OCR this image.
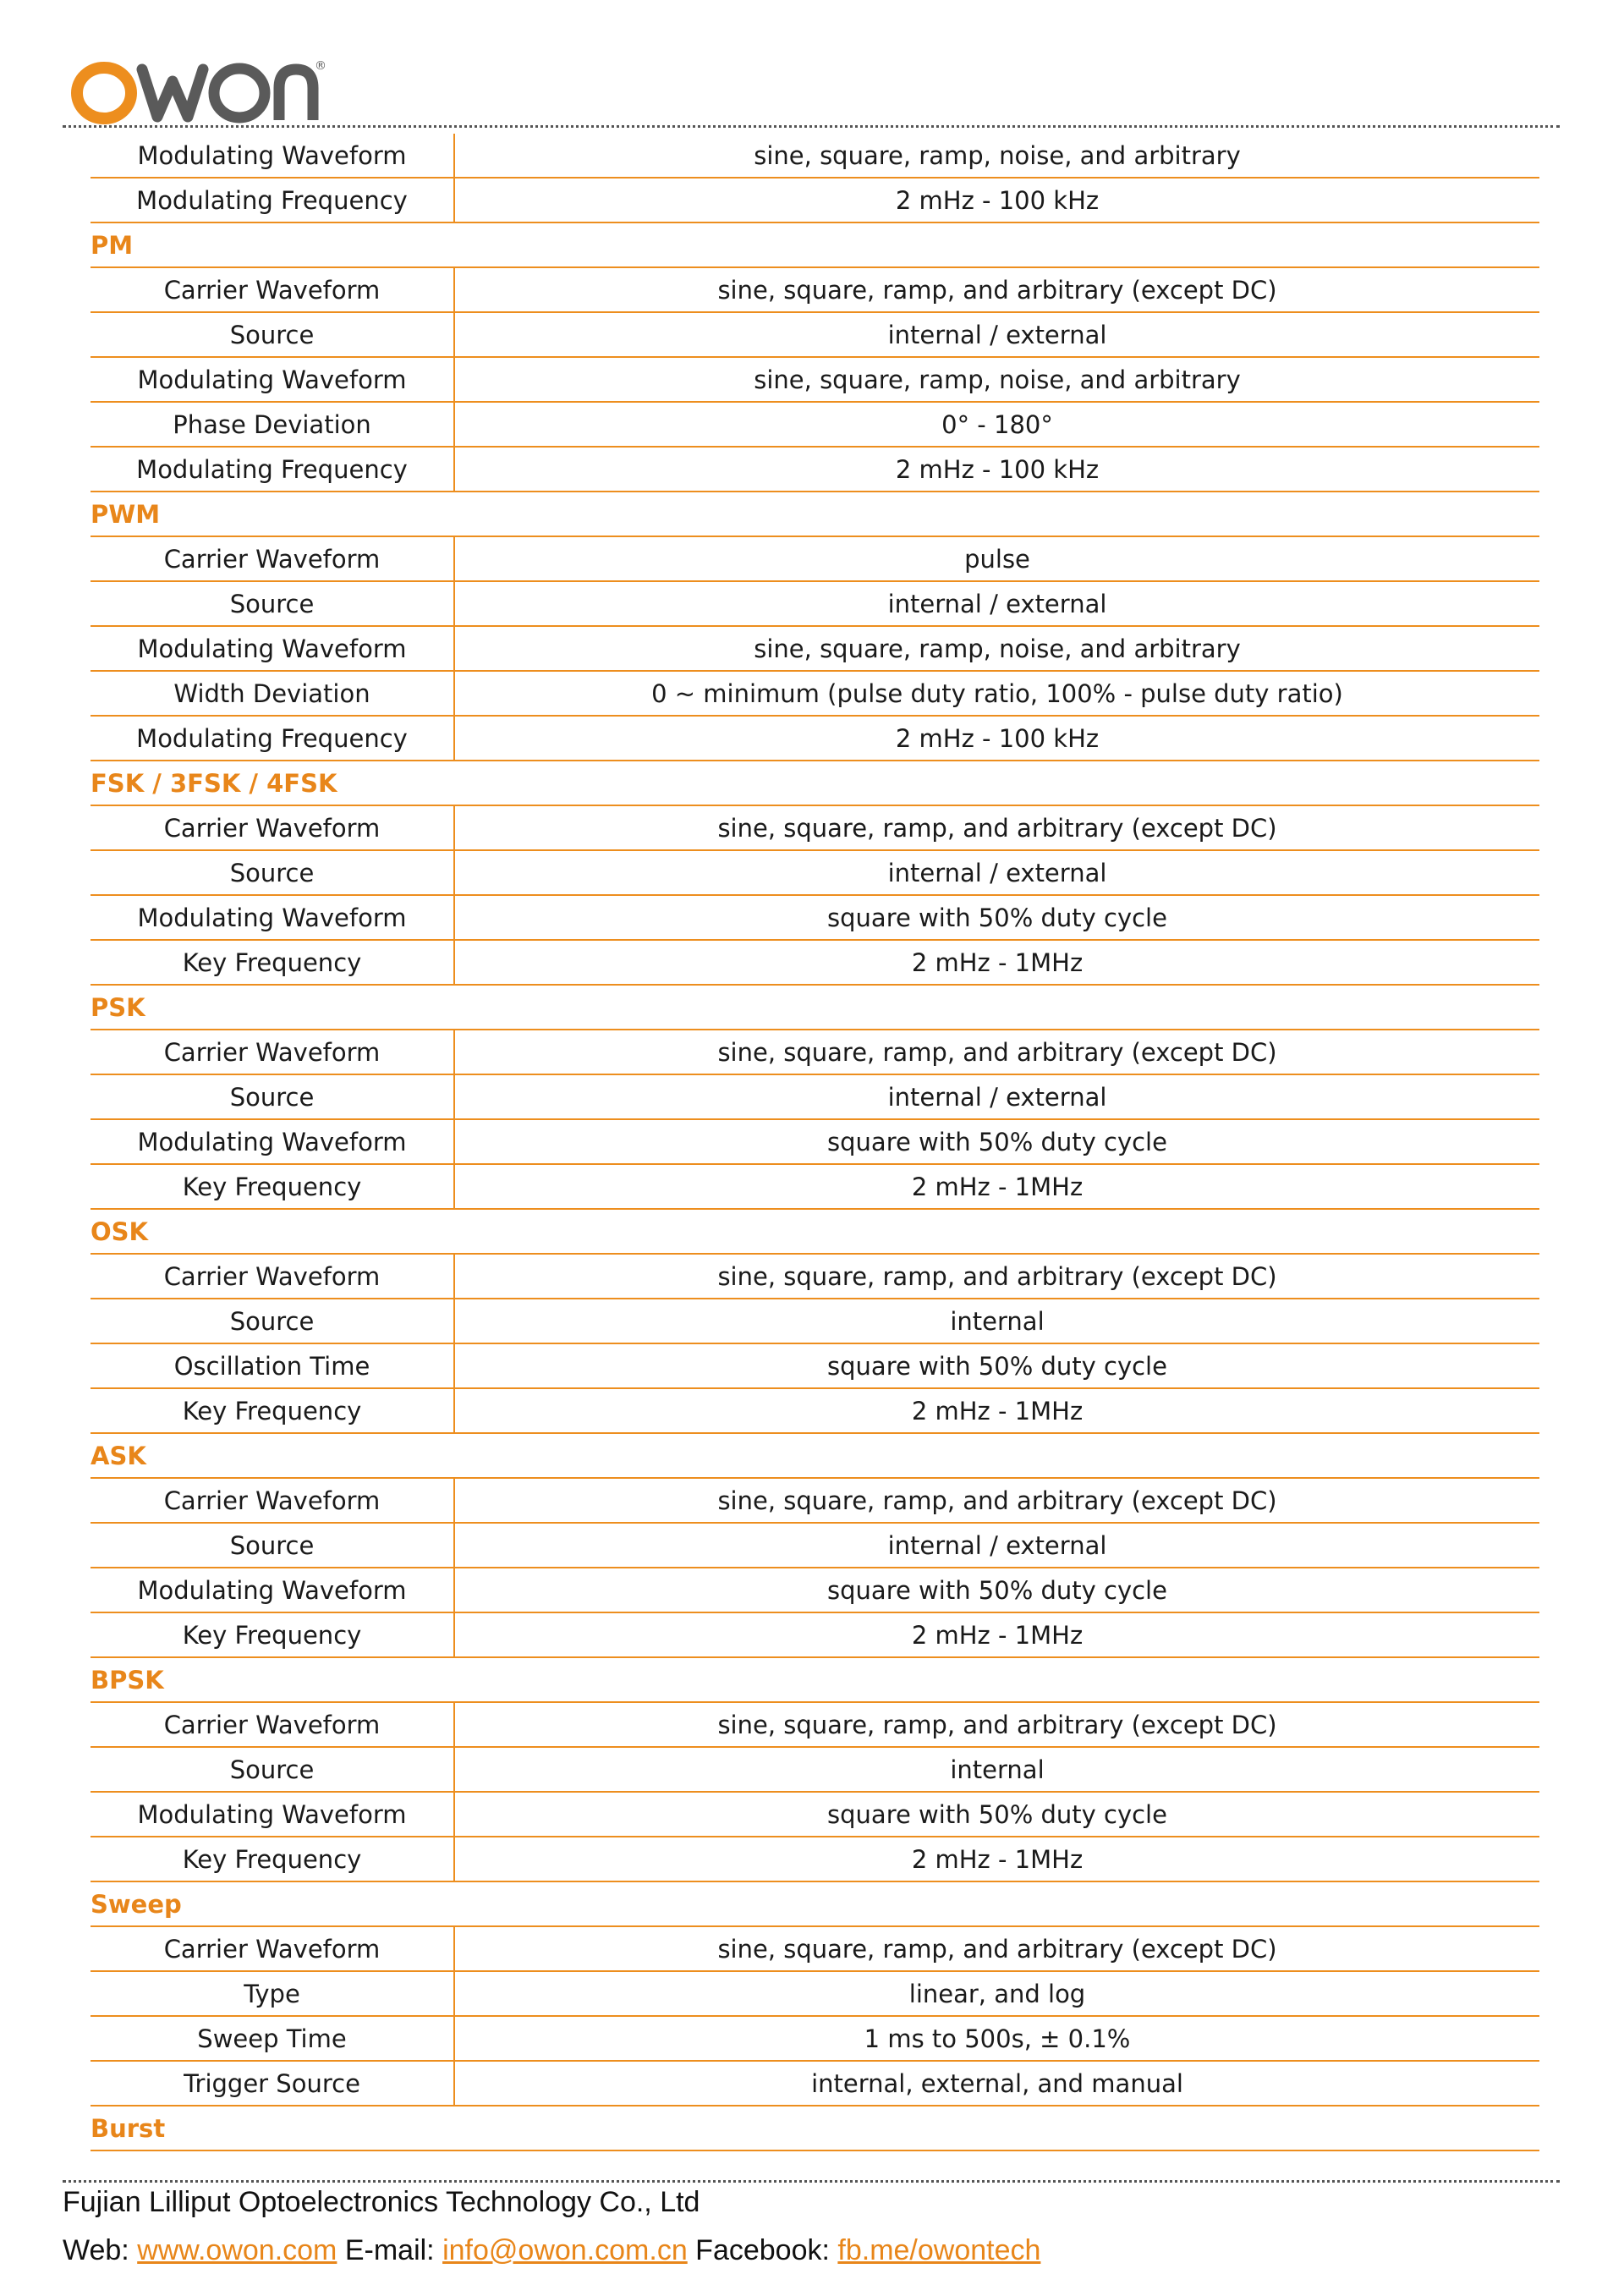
®
Modulating Waveform	sine, square, ramp, noise, and arbitrary
Modulating Frequency	2 mHz - 100 kHz
PM
Carrier Waveform	sine, square, ramp, and arbitrary (except DC)
Source	internal / external
Modulating Waveform	sine, square, ramp, noise, and arbitrary
Phase Deviation	0° - 180°
Modulating Frequency	2 mHz - 100 kHz
PWM
Carrier Waveform	pulse
Source	internal / external
Modulating Waveform	sine, square, ramp, noise, and arbitrary
Width Deviation	0 ~ minimum (pulse duty ratio, 100% - pulse duty ratio)
Modulating Frequency	2 mHz - 100 kHz
FSK / 3FSK / 4FSK
Carrier Waveform	sine, square, ramp, and arbitrary (except DC)
Source	internal / external
Modulating Waveform	square with 50% duty cycle
Key Frequency	2 mHz - 1MHz
PSK
Carrier Waveform	sine, square, ramp, and arbitrary (except DC)
Source	internal / external
Modulating Waveform	square with 50% duty cycle
Key Frequency	2 mHz - 1MHz
OSK
Carrier Waveform	sine, square, ramp, and arbitrary (except DC)
Source	internal
Oscillation Time	square with 50% duty cycle
Key Frequency	2 mHz - 1MHz
ASK
Carrier Waveform	sine, square, ramp, and arbitrary (except DC)
Source	internal / external
Modulating Waveform	square with 50% duty cycle
Key Frequency	2 mHz - 1MHz
BPSK
Carrier Waveform	sine, square, ramp, and arbitrary (except DC)
Source	internal
Modulating Waveform	square with 50% duty cycle
Key Frequency	2 mHz - 1MHz
Sweep
Carrier Waveform	sine, square, ramp, and arbitrary (except DC)
Type	linear, and log
Sweep Time	1 ms to 500s, ± 0.1%
Trigger Source	internal, external, and manual
Burst
Fujian Lilliput Optoelectronics Technology Co., Ltd
Web: www.owon.com E-mail: info@owon.com.cn Facebook: fb.me/owontech
